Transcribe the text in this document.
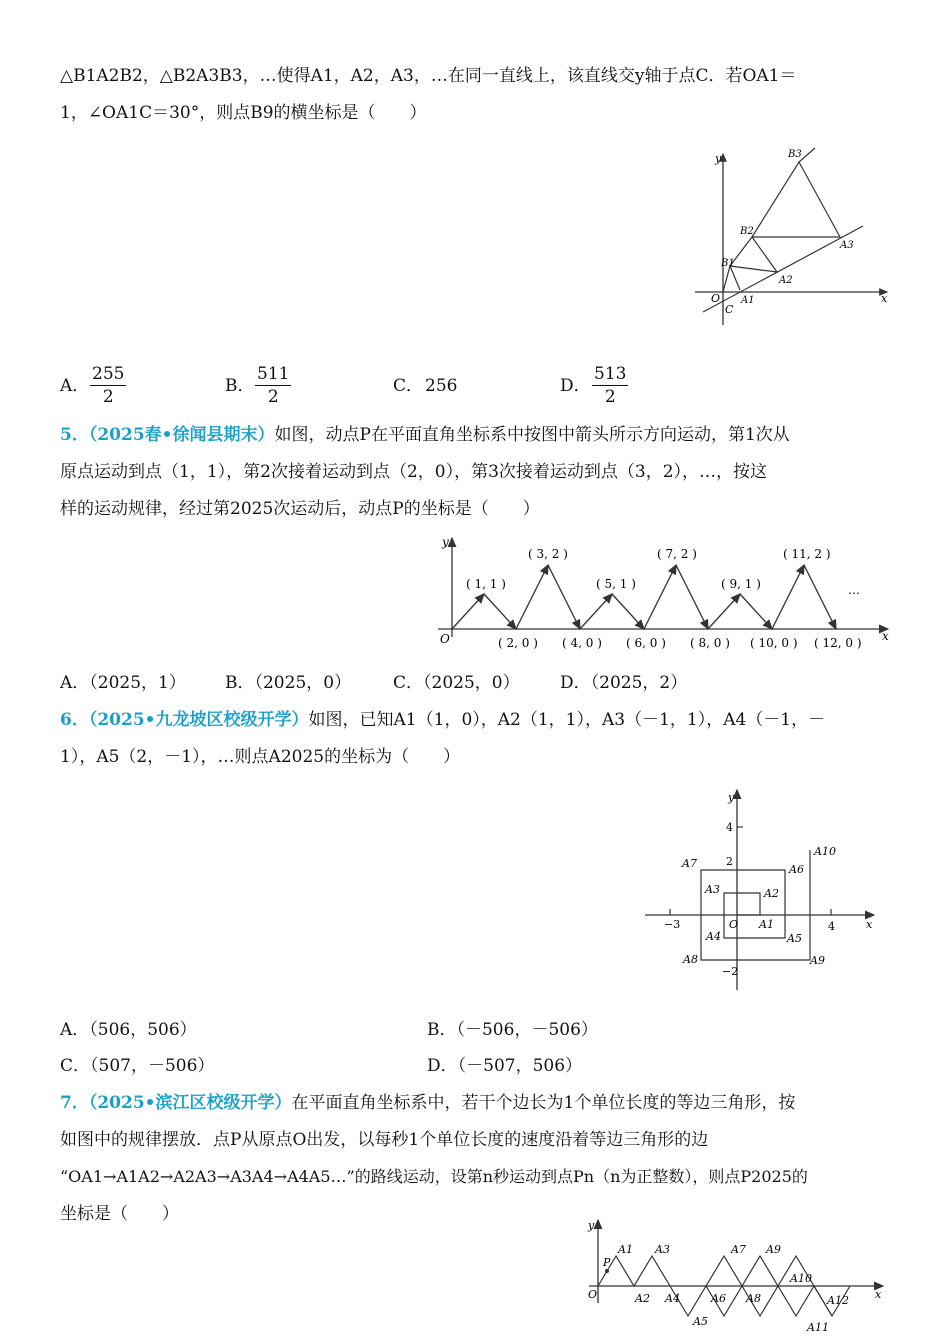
△B1A2B2，△B2A3B3，…使得A1，A2，A3，…在同一直线上，该直线交y轴于点C．若OA1＝
1，∠OA1C＝30°，则点B9的横坐标是（　　）
y
x
O
C
A1
A2
A3
B1
B2
B3
A． $\frac{255}{2}$	B． $\frac{511}{2}$	C． 256	D． $\frac{513}{2}$
5．（2025春•徐闻县期末）如图，动点P在平面直角坐标系中按图中箭头所示方向运动，第1次从
原点运动到点（1，1），第2次接着运动到点（2，0），第3次接着运动到点（3，2），…，按这
样的运动规律，经过第2025次运动后，动点P的坐标是（　　）
y
x
O
…
( 1, 1 )
( 3, 2 )
( 5, 1 )
( 7, 2 )
( 9, 1 )
( 11, 2 )
( 2, 0 ) ( 4, 0 ) ( 6, 0 ) ( 8, 0 ) ( 10, 0 ) ( 12, 0 )
A．（2025，1） B．（2025，0） C．（2025，0） D．（2025，2）
6．（2025•九龙坡区校级开学）如图，已知A1（1，0），A2（1，1），A3（－1，1），A4（－1，－
1），A5（2，－1），…则点A2025的坐标为（　　）
y
x
O
4
2
−3	4
−2
A1
A2
A3
A4	A5
A6
A7
A8	A9
A10
A．（506，506）	B．（－506，－506）
C．（507，－506）	D．（－507，506）
7．（2025•滨江区校级开学）在平面直角坐标系中，若干个边长为1个单位长度的等边三角形，按
如图中的规律摆放．点P从原点O出发，以每秒1个单位长度的速度沿着等边三角形的边
“OA1→A1A2→A2A3→A3A4→A4A5…”的路线运动，设第n秒运动到点Pn（n为正整数），则点P2025的
坐标是（　　）
y
x
O
P
A1
A2
A3
A4
A5
A6
A7
A8
A9
A10
A11
A12
